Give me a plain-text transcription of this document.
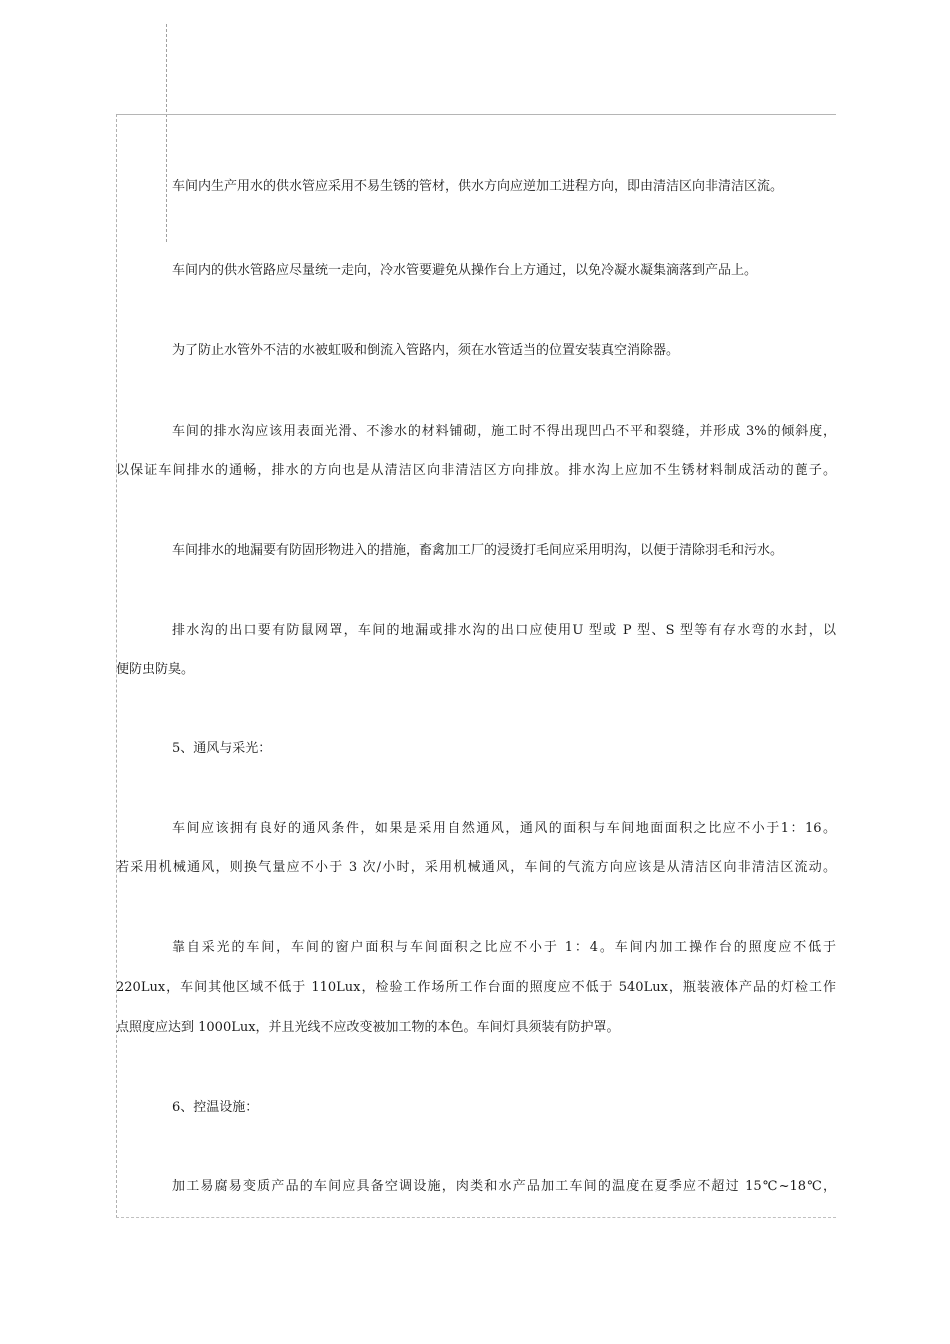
车间内生产用水的供水管应采用不易生锈的管材，供水方向应逆加工进程方向，即由清洁区向非清洁区流。
车间内的供水管路应尽量统一走向，冷水管要避免从操作台上方通过，以免冷凝水凝集滴落到产品上。
为了防止水管外不洁的水被虹吸和倒流入管路内，须在水管适当的位置安装真空消除器。
车间的排水沟应该用表面光滑、不渗水的材料铺砌，施工时不得出现凹凸不平和裂缝，并形成 3%的倾斜度，
以保证车间排水的通畅，排水的方向也是从清洁区向非清洁区方向排放。排水沟上应加不生锈材料制成活动的蓖子。
车间排水的地漏要有防固形物进入的措施，畜禽加工厂的浸烫打毛间应采用明沟，以便于清除羽毛和污水。
排水沟的出口要有防鼠网罩，车间的地漏或排水沟的出口应使用U 型或 P 型、S 型等有存水弯的水封，以
便防虫防臭。
5、通风与采光：
车间应该拥有良好的通风条件，如果是采用自然通风，通风的面积与车间地面面积之比应不小于1：16。
若采用机械通风，则换气量应不小于 3 次/小时，采用机械通风，车间的气流方向应该是从清洁区向非清洁区流动。
靠自采光的车间，车间的窗户面积与车间面积之比应不小于 1：4。车间内加工操作台的照度应不低于
220Lux，车间其他区域不低于 110Lux，检验工作场所工作台面的照度应不低于 540Lux，瓶装液体产品的灯检工作
点照度应达到 1000Lux，并且光线不应改变被加工物的本色。车间灯具须装有防护罩。
6、控温设施：
加工易腐易变质产品的车间应具备空调设施，肉类和水产品加工车间的温度在夏季应不超过 15℃~18℃，
